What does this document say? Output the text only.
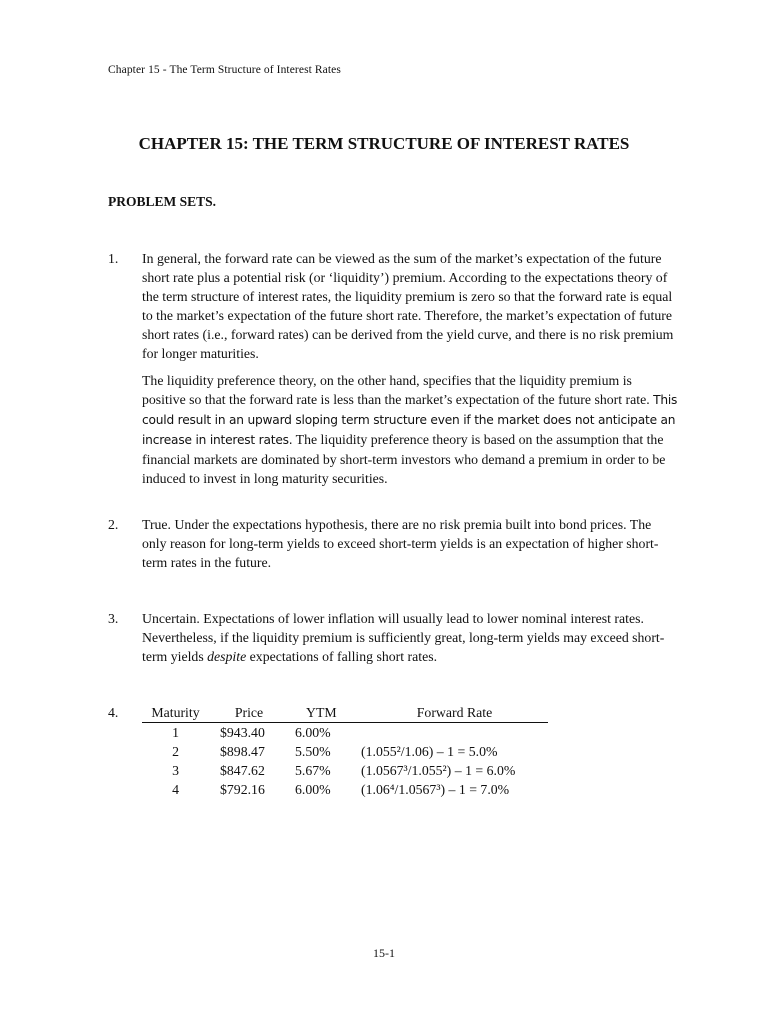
Chapter 15 - The Term Structure of Interest Rates
CHAPTER 15: THE TERM STRUCTURE OF INTEREST RATES
PROBLEM SETS.
1. In general, the forward rate can be viewed as the sum of the market’s expectation of the future short rate plus a potential risk (or ‘liquidity’) premium. According to the expectations theory of the term structure of interest rates, the liquidity premium is zero so that the forward rate is equal to the market’s expectation of the future short rate. Therefore, the market’s expectation of future short rates (i.e., forward rates) can be derived from the yield curve, and there is no risk premium for longer maturities.

The liquidity preference theory, on the other hand, specifies that the liquidity premium is positive so that the forward rate is less than the market’s expectation of the future short rate. This could result in an upward sloping term structure even if the market does not anticipate an increase in interest rates. The liquidity preference theory is based on the assumption that the financial markets are dominated by short-term investors who demand a premium in order to be induced to invest in long maturity securities.

2. True. Under the expectations hypothesis, there are no risk premia built into bond prices. The only reason for long-term yields to exceed short-term yields is an expectation of higher short-term rates in the future.

3. Uncertain. Expectations of lower inflation will usually lead to lower nominal interest rates. Nevertheless, if the liquidity premium is sufficiently great, long-term yields may exceed short-term yields despite expectations of falling short rates.

4. Maturity	Price	YTM	Forward Rate
1	$943.40	6.00%	
2	$898.47	5.50%	(1.055²/1.06) – 1 = 5.0%
3	$847.62	5.67%	(1.0567³/1.055²) – 1 = 6.0%
4	$792.16	6.00%	(1.06⁴/1.0567³) – 1 = 7.0%
15-1
